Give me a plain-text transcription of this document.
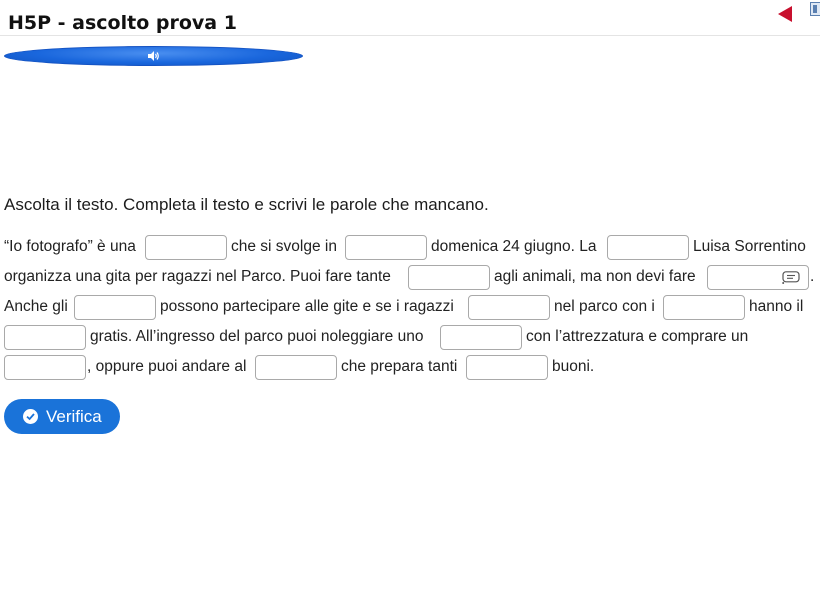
H5P - ascolto prova 1

Ascolta il testo. Completa il testo e scrivi le parole che mancano.

“Io fotografo” è una	che si svolge in	domenica 24 giugno. La	Luisa Sorrentino
organizza una gita per ragazzi nel Parco. Puoi fare tante	agli animali, ma non devi fare	.
Anche gli	possono partecipare alle gite e se i ragazzi	nel parco con i	hanno il
gratis. All’ingresso del parco puoi noleggiare uno	con l’attrezzatura e comprare un
, oppure puoi andare al	che prepara tanti	buoni.
Verifica
